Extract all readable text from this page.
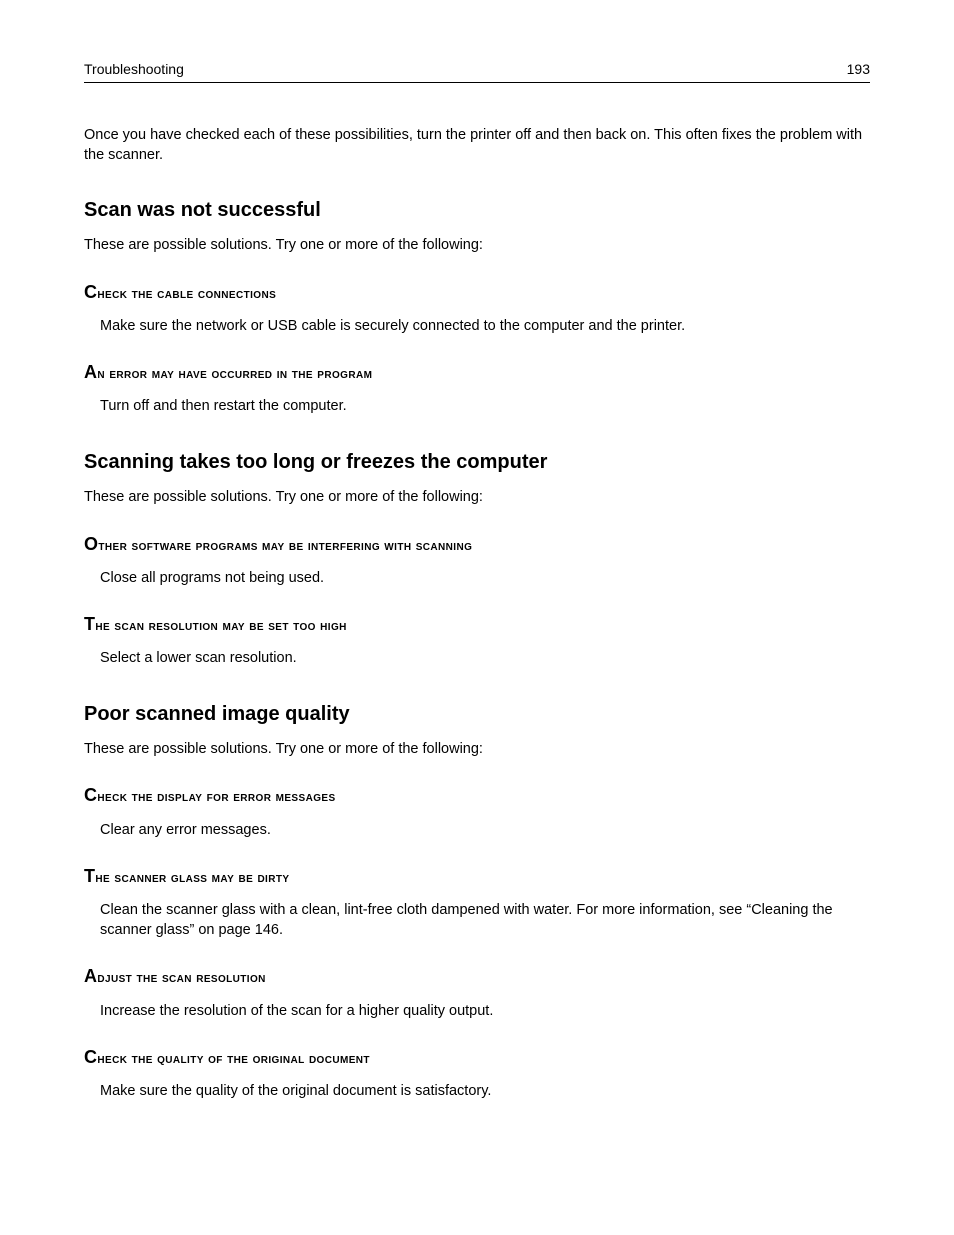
Troubleshooting	193

Once you have checked each of these possibilities, turn the printer off and then back on. This often fixes the problem with the scanner.

Scan was not successful

These are possible solutions. Try one or more of the following:

Check the cable connections

Make sure the network or USB cable is securely connected to the computer and the printer.

An error may have occurred in the program

Turn off and then restart the computer.

Scanning takes too long or freezes the computer

These are possible solutions. Try one or more of the following:

Other software programs may be interfering with scanning

Close all programs not being used.

The scan resolution may be set too high

Select a lower scan resolution.

Poor scanned image quality

These are possible solutions. Try one or more of the following:

Check the display for error messages

Clear any error messages.

The scanner glass may be dirty

Clean the scanner glass with a clean, lint-free cloth dampened with water. For more information, see “Cleaning the scanner glass” on page 146.

Adjust the scan resolution

Increase the resolution of the scan for a higher quality output.

Check the quality of the original document

Make sure the quality of the original document is satisfactory.
